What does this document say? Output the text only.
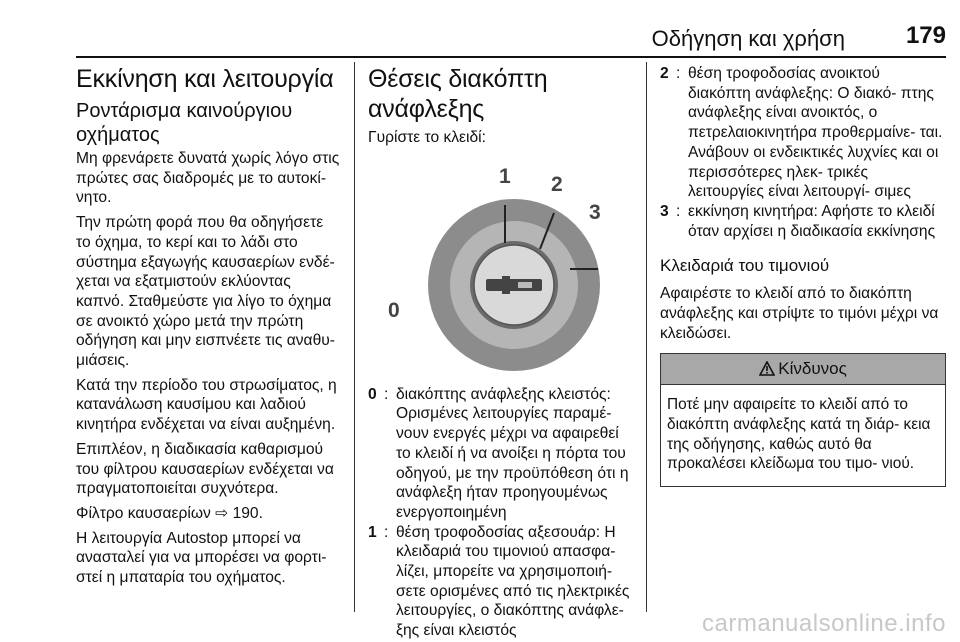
Οδήγηση και χρήση	179
Εκκίνηση και λειτουργία
Ροντάρισμα καινούργιου οχήματος

Μη φρενάρετε δυνατά χωρίς λόγο στις πρώτες σας διαδρομές με το αυτοκί- νητο.

Την πρώτη φορά που θα οδηγήσετε το όχημα, το κερί και το λάδι στο σύστημα εξαγωγής καυσαερίων ενδέ- χεται να εξατμιστούν εκλύοντας καπνό. Σταθμεύστε για λίγο το όχημα σε ανοικτό χώρο μετά την πρώτη οδήγηση και μην εισπνέετε τις αναθυ- μιάσεις.

Κατά την περίοδο του στρωσίματος, η κατανάλωση καυσίμου και λαδιού κινητήρα ενδέχεται να είναι αυξημένη.

Επιπλέον, η διαδικασία καθαρισμού του φίλτρου καυσαερίων ενδέχεται να πραγματοποιείται συχνότερα.

Φίλτρο καυσαερίων ⇨ 190.

Η λειτουργία Autostop μπορεί να ανασταλεί για να μπορέσει να φορτι- στεί η μπαταρία του οχήματος.

Θέσεις διακόπτη ανάφλεξης

Γυρίστε το κλειδί:

0
1 2
3
0 : διακόπτης ανάφλεξης κλειστός: Ορισμένες λειτουργίες παραμέ- νουν ενεργές μέχρι να αφαιρεθεί το κλειδί ή να ανοίξει η πόρτα του οδηγού, με την προϋπόθεση ότι η ανάφλεξη ήταν προηγουμένως ενεργοποιημένη
1 : θέση τροφοδοσίας αξεσουάρ: Η κλειδαριά του τιμονιού απασφα- λίζει, μπορείτε να χρησιμοποιή- σετε ορισμένες από τις ηλεκτρικές λειτουργίες, ο διακόπτης ανάφλε- ξης είναι κλειστός
2 : θέση τροφοδοσίας ανοικτού διακόπτη ανάφλεξης: Ο διακό- πτης ανάφλεξης είναι ανοικτός, ο πετρελαιοκινητήρα προθερμαίνε- ται. Ανάβουν οι ενδεικτικές λυχνίες και οι περισσότερες ηλεκ- τρικές λειτουργίες είναι λειτουργί- σιμες
3 : εκκίνηση κινητήρα: Αφήστε το κλειδί όταν αρχίσει η διαδικασία εκκίνησης
Κλειδαριά του τιμονιού

Αφαιρέστε το κλειδί από το διακόπτη ανάφλεξης και στρίψτε το τιμόνι μέχρι να κλειδώσει.

Κίνδυνος
Ποτέ μην αφαιρείτε το κλειδί από το διακόπτη ανάφλεξης κατά τη διάρ- κεια της οδήγησης, καθώς αυτό θα προκαλέσει κλείδωμα του τιμο- νιού.
carmanualsonline.info
